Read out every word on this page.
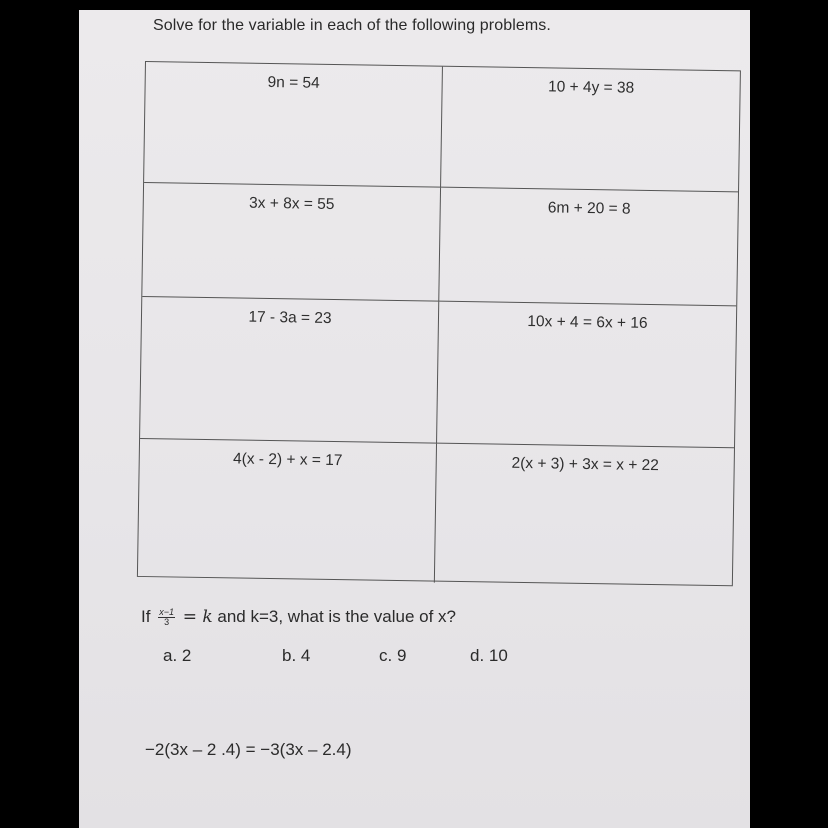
Solve for the variable in each of the following problems.
9n = 54	10 + 4y = 38
3x + 8x = 55	6m + 20 = 8
17 - 3a = 23	10x + 4 = 6x + 16
4(x - 2) + x = 17	2(x + 3) + 3x = x + 22
If $\frac{x-1}{3} = k$ and k=3, what is the value of x?
a. 2	b. 4	c. 9	d. 10
−2(3x – 2 .4) = −3(3x – 2.4)
